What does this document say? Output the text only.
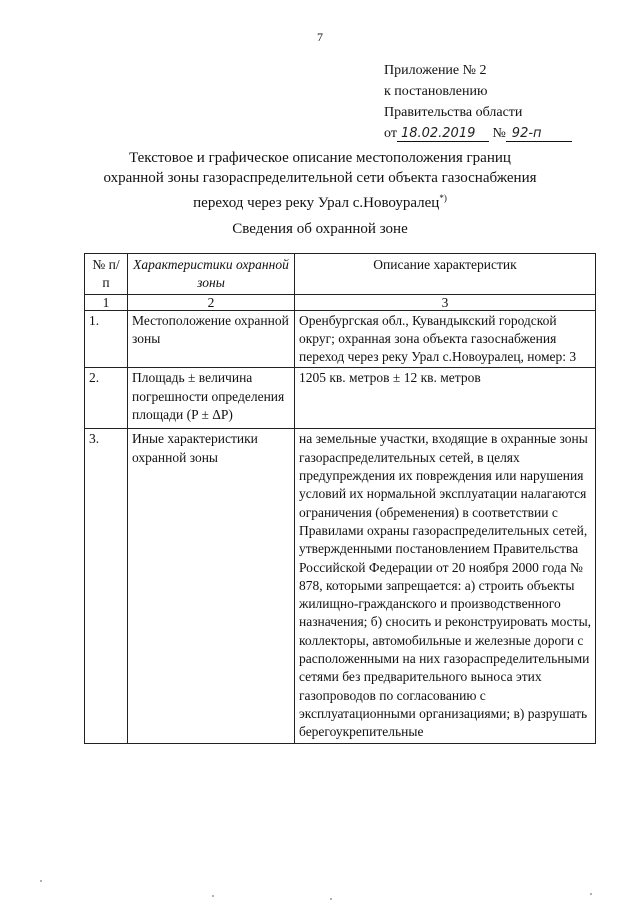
7
Приложение № 2
к постановлению
Правительства области
от 18.02.2019 № 92-п
Текстовое и графическое описание местоположения границ
охранной зоны газораспределительной сети объекта газоснабжения
переход через реку Урал с.Новоуралец*)
Сведения об охранной зоне
№ п/п	Характеристики охранной зоны	Описание характеристик
1	2	3
1.	Местоположение охранной зоны	Оренбургская обл., Кувандыкский городской округ; охранная зона объекта газоснабжения переход через реку Урал с.Новоуралец, номер: 3
2.	Площадь ± величина погрешности определения площади (P ± ΔP)	1205 кв. метров ± 12 кв. метров
3.	Иные характеристики охранной зоны	на земельные участки, входящие в охранные зоны газораспределительных сетей, в целях предупреждения их повреждения или нарушения условий их нормальной эксплуатации налагаются ограничения (обременения) в соответствии с Правилами охраны газораспределительных сетей, утвержденными постановлением Правительства Российской Федерации от 20 ноября 2000 года № 878, которыми запрещается: а) строить объекты жилищно-гражданского и производственного назначения; б) сносить и реконструировать мосты, коллекторы, автомобильные и железные дороги с расположенными на них газораспределительными сетями без предварительного выноса этих газопроводов по согласованию с эксплуатационными организациями; в) разрушать берегоукрепительные
